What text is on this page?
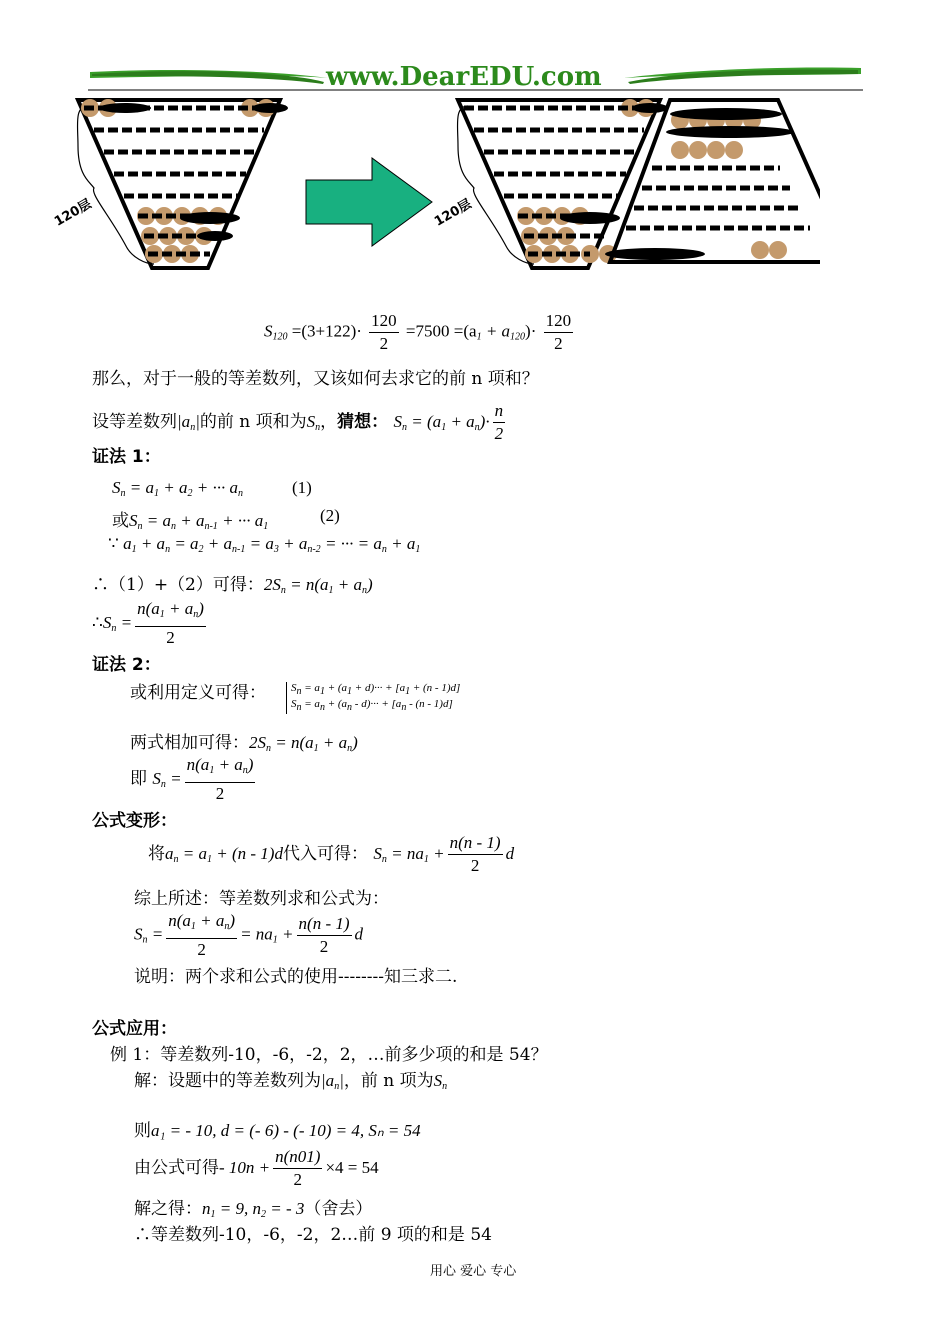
www.DearEDU.com
120层	120层
$S_{120} =(3+122)\cdot \frac{120}{2} =7500 =(a_1 + a_{120})\cdot \frac{120}{2}$
那么，对于一般的等差数列，又该如何去求它的前 n 项和？
设等差数列$|a_n|$的前 n 项和为$S_n$，猜想： $S_n = (a_1 + a_n)\cdot \frac{n}{2}$
证法 1：
$S_n = a_1 + a_2$ + ··· $a_n$	(1)
或$S_n = a_n + a_{n-1}$ + ··· $a_1$
(2)
∵ $a_1 + a_n = a_2 + a_{n-1} = a_3 + a_{n-2}$ = ··· = $a_n + a_1$
∴（1）+（2）可得：$2S_n = n(a_1 + a_n)$
$\therefore S_n = \frac{n(a_1 + a_n)}{2}$
证法 2：
或利用定义可得：	$S_n = a_1 + (a_1 + d)\cdot\cdot\cdot + [a_1 + (n - 1)d]$
$S_n = a_n + (a_n - d)\cdot\cdot\cdot + [a_n - (n - 1)d]$
两式相加可得：$2S_n = n(a_1 + a_n)$
即 $S_n = \frac{n(a_1 + a_n)}{2}$
公式变形：
将$a_n = a_1 + (n - 1)d$代入可得： $S_n = na_1 + \frac{n(n - 1)}{2}$ d
综上所述：等差数列求和公式为：
$S_n = \frac{n(a_1 + a_n)}{2} = na_1 + \frac{n(n - 1)}{2}$ d
说明：两个求和公式的使用--------知三求二.
公式应用：
例 1：等差数列-10，-6，-2，2，…前多少项的和是 54？
解：设题中的等差数列为$|a_n|$，前 n 项为$S_n$
则a₁ = - 10, d = (- 6) - (- 10) = 4, Sₙ = 54
由公式可得- $10n + \frac{n(n01)}{2} \times 4 = 54$
解之得：$n_1 = 9$, $n_2$ = - 3（舍去）
∴等差数列-10，-6，-2，2…前 9 项的和是 54
用心 爱心 专心
